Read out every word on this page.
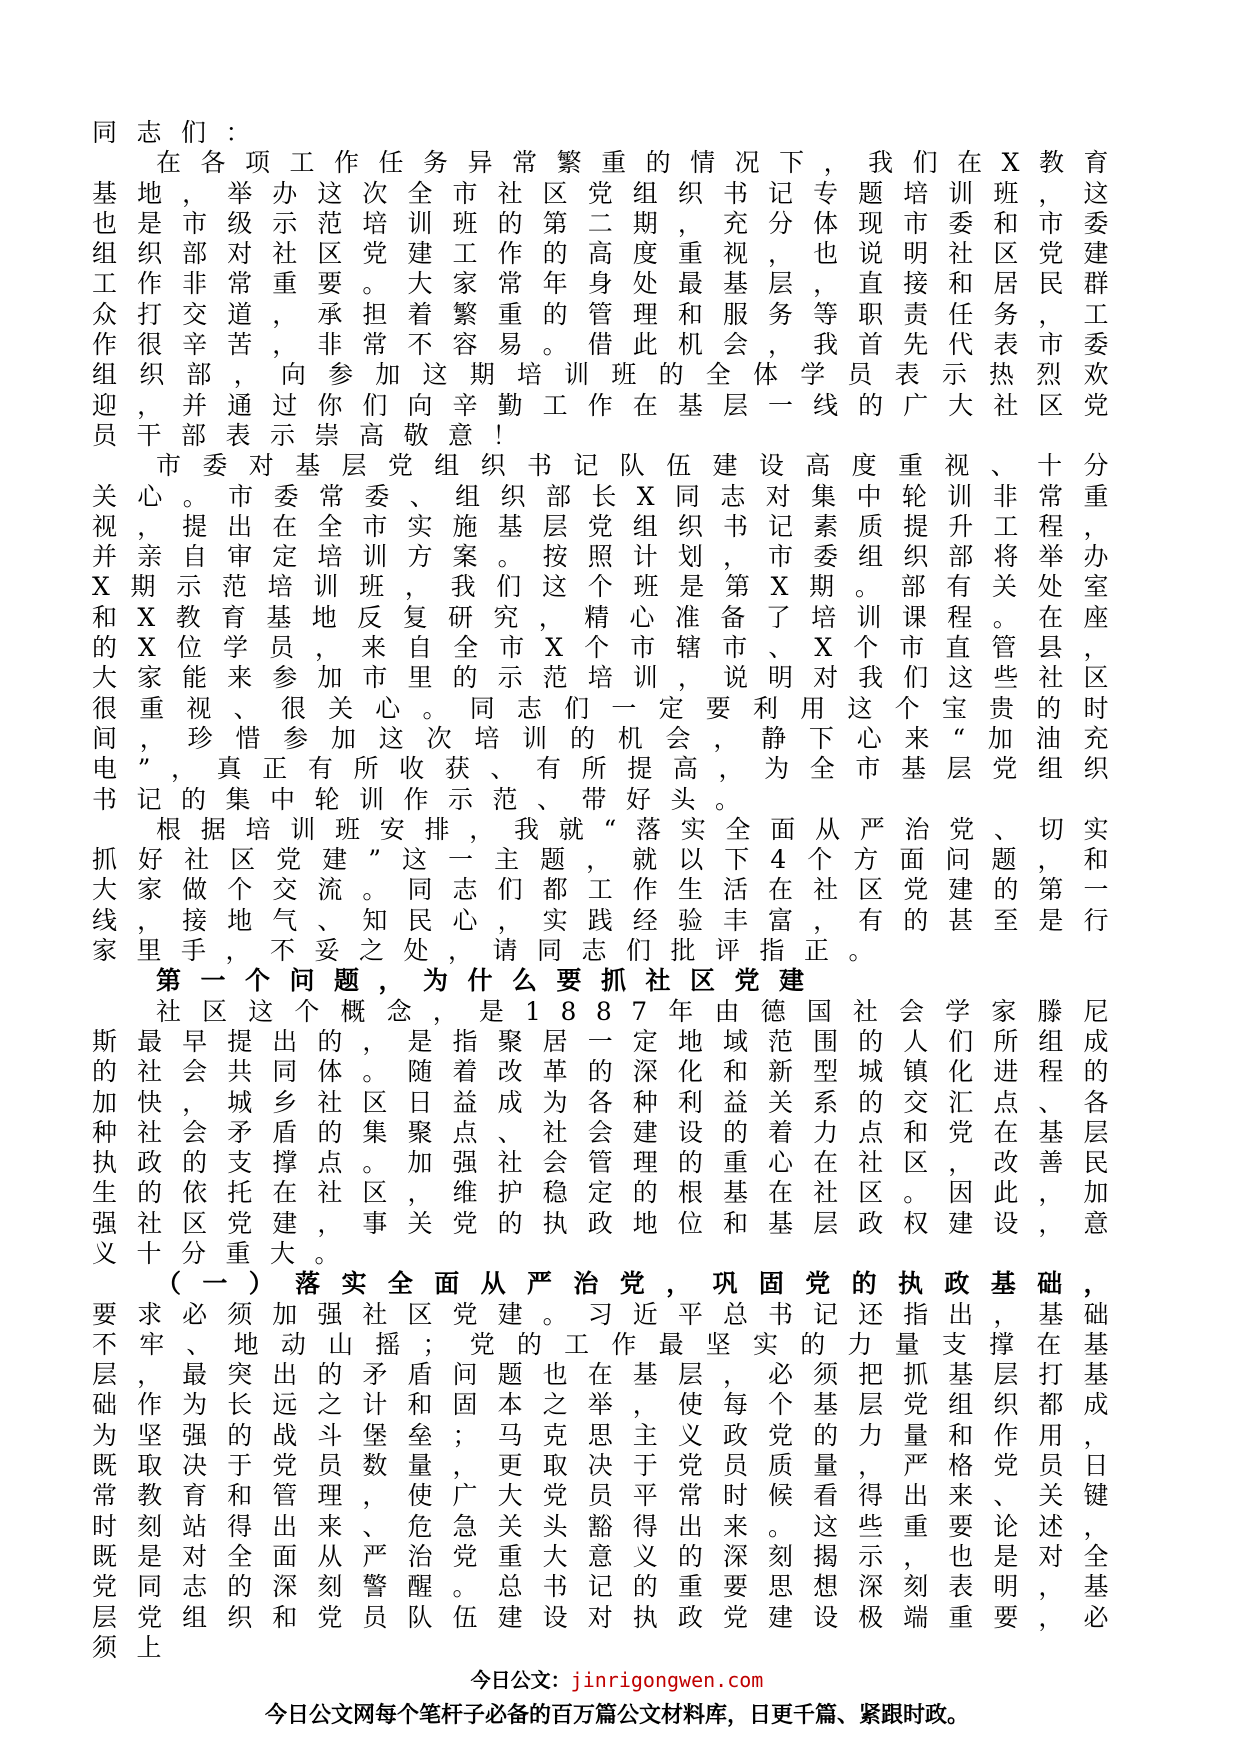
同志们：

在各项工作任务异常繁重的情况下，我们在X教育基地，举办这次全市社区党组织书记专题培训班，这也是市级示范培训班的第二期，充分体现市委和市委组织部对社区党建工作的高度重视，也说明社区党建工作非常重要。大家常年身处最基层，直接和居民群众打交道，承担着繁重的管理和服务等职责任务，工作很辛苦，非常不容易。借此机会，我首先代表市委组织部，向参加这期培训班的全体学员表示热烈欢迎，并通过你们向辛勤工作在基层一线的广大社区党员干部表示崇高敬意！

市委对基层党组织书记队伍建设高度重视、十分关心。市委常委、组织部长X同志对集中轮训非常重视，提出在全市实施基层党组织书记素质提升工程，并亲自审定培训方案。按照计划，市委组织部将举办X期示范培训班，我们这个班是第X期。部有关处室和X教育基地反复研究，精心准备了培训课程。在座的X位学员，来自全市X个市辖市、X个市直管县，大家能来参加市里的示范培训，说明对我们这些社区很重视、很关心。同志们一定要利用这个宝贵的时间，珍惜参加这次培训的机会，静下心来“加油充电”，真正有所收获、有所提高，为全市基层党组织书记的集中轮训作示范、带好头。

根据培训班安排，我就“落实全面从严治党、切实抓好社区党建”这一主题，就以下4个方面问题，和大家做个交流。同志们都工作生活在社区党建的第一线，接地气、知民心，实践经验丰富，有的甚至是行家里手，不妥之处，请同志们批评指正。

第一个问题，为什么要抓社区党建

社区这个概念，是1887年由德国社会学家滕尼斯最早提出的，是指聚居一定地域范围的人们所组成的社会共同体。随着改革的深化和新型城镇化进程的加快，城乡社区日益成为各种利益关系的交汇点、各种社会矛盾的集聚点、社会建设的着力点和党在基层执政的支撑点。加强社会管理的重心在社区，改善民生的依托在社区，维护稳定的根基在社区。因此，加强社区党建，事关党的执政地位和基层政权建设，意义十分重大。

（一）落实全面从严治党，巩固党的执政基础，要求必须加强社区党建。习近平总书记还指出，基础不牢、地动山摇；党的工作最坚实的力量支撑在基层，最突出的矛盾问题也在基层，必须把抓基层打基础作为长远之计和固本之举，使每个基层党组织都成为坚强的战斗堡垒；马克思主义政党的力量和作用，既取决于党员数量，更取决于党员质量，严格党员日常教育和管理，使广大党员平常时候看得出来、关键时刻站得出来、危急关头豁得出来。这些重要论述，既是对全面从严治党重大意义的深刻揭示，也是对全党同志的深刻警醒。总书记的重要思想深刻表明，基层党组织和党员队伍建设对执政党建设极端重要，必须上

今日公文：jinrigongwen.com
今日公文网每个笔杆子必备的百万篇公文材料库，日更千篇、紧跟时政。
